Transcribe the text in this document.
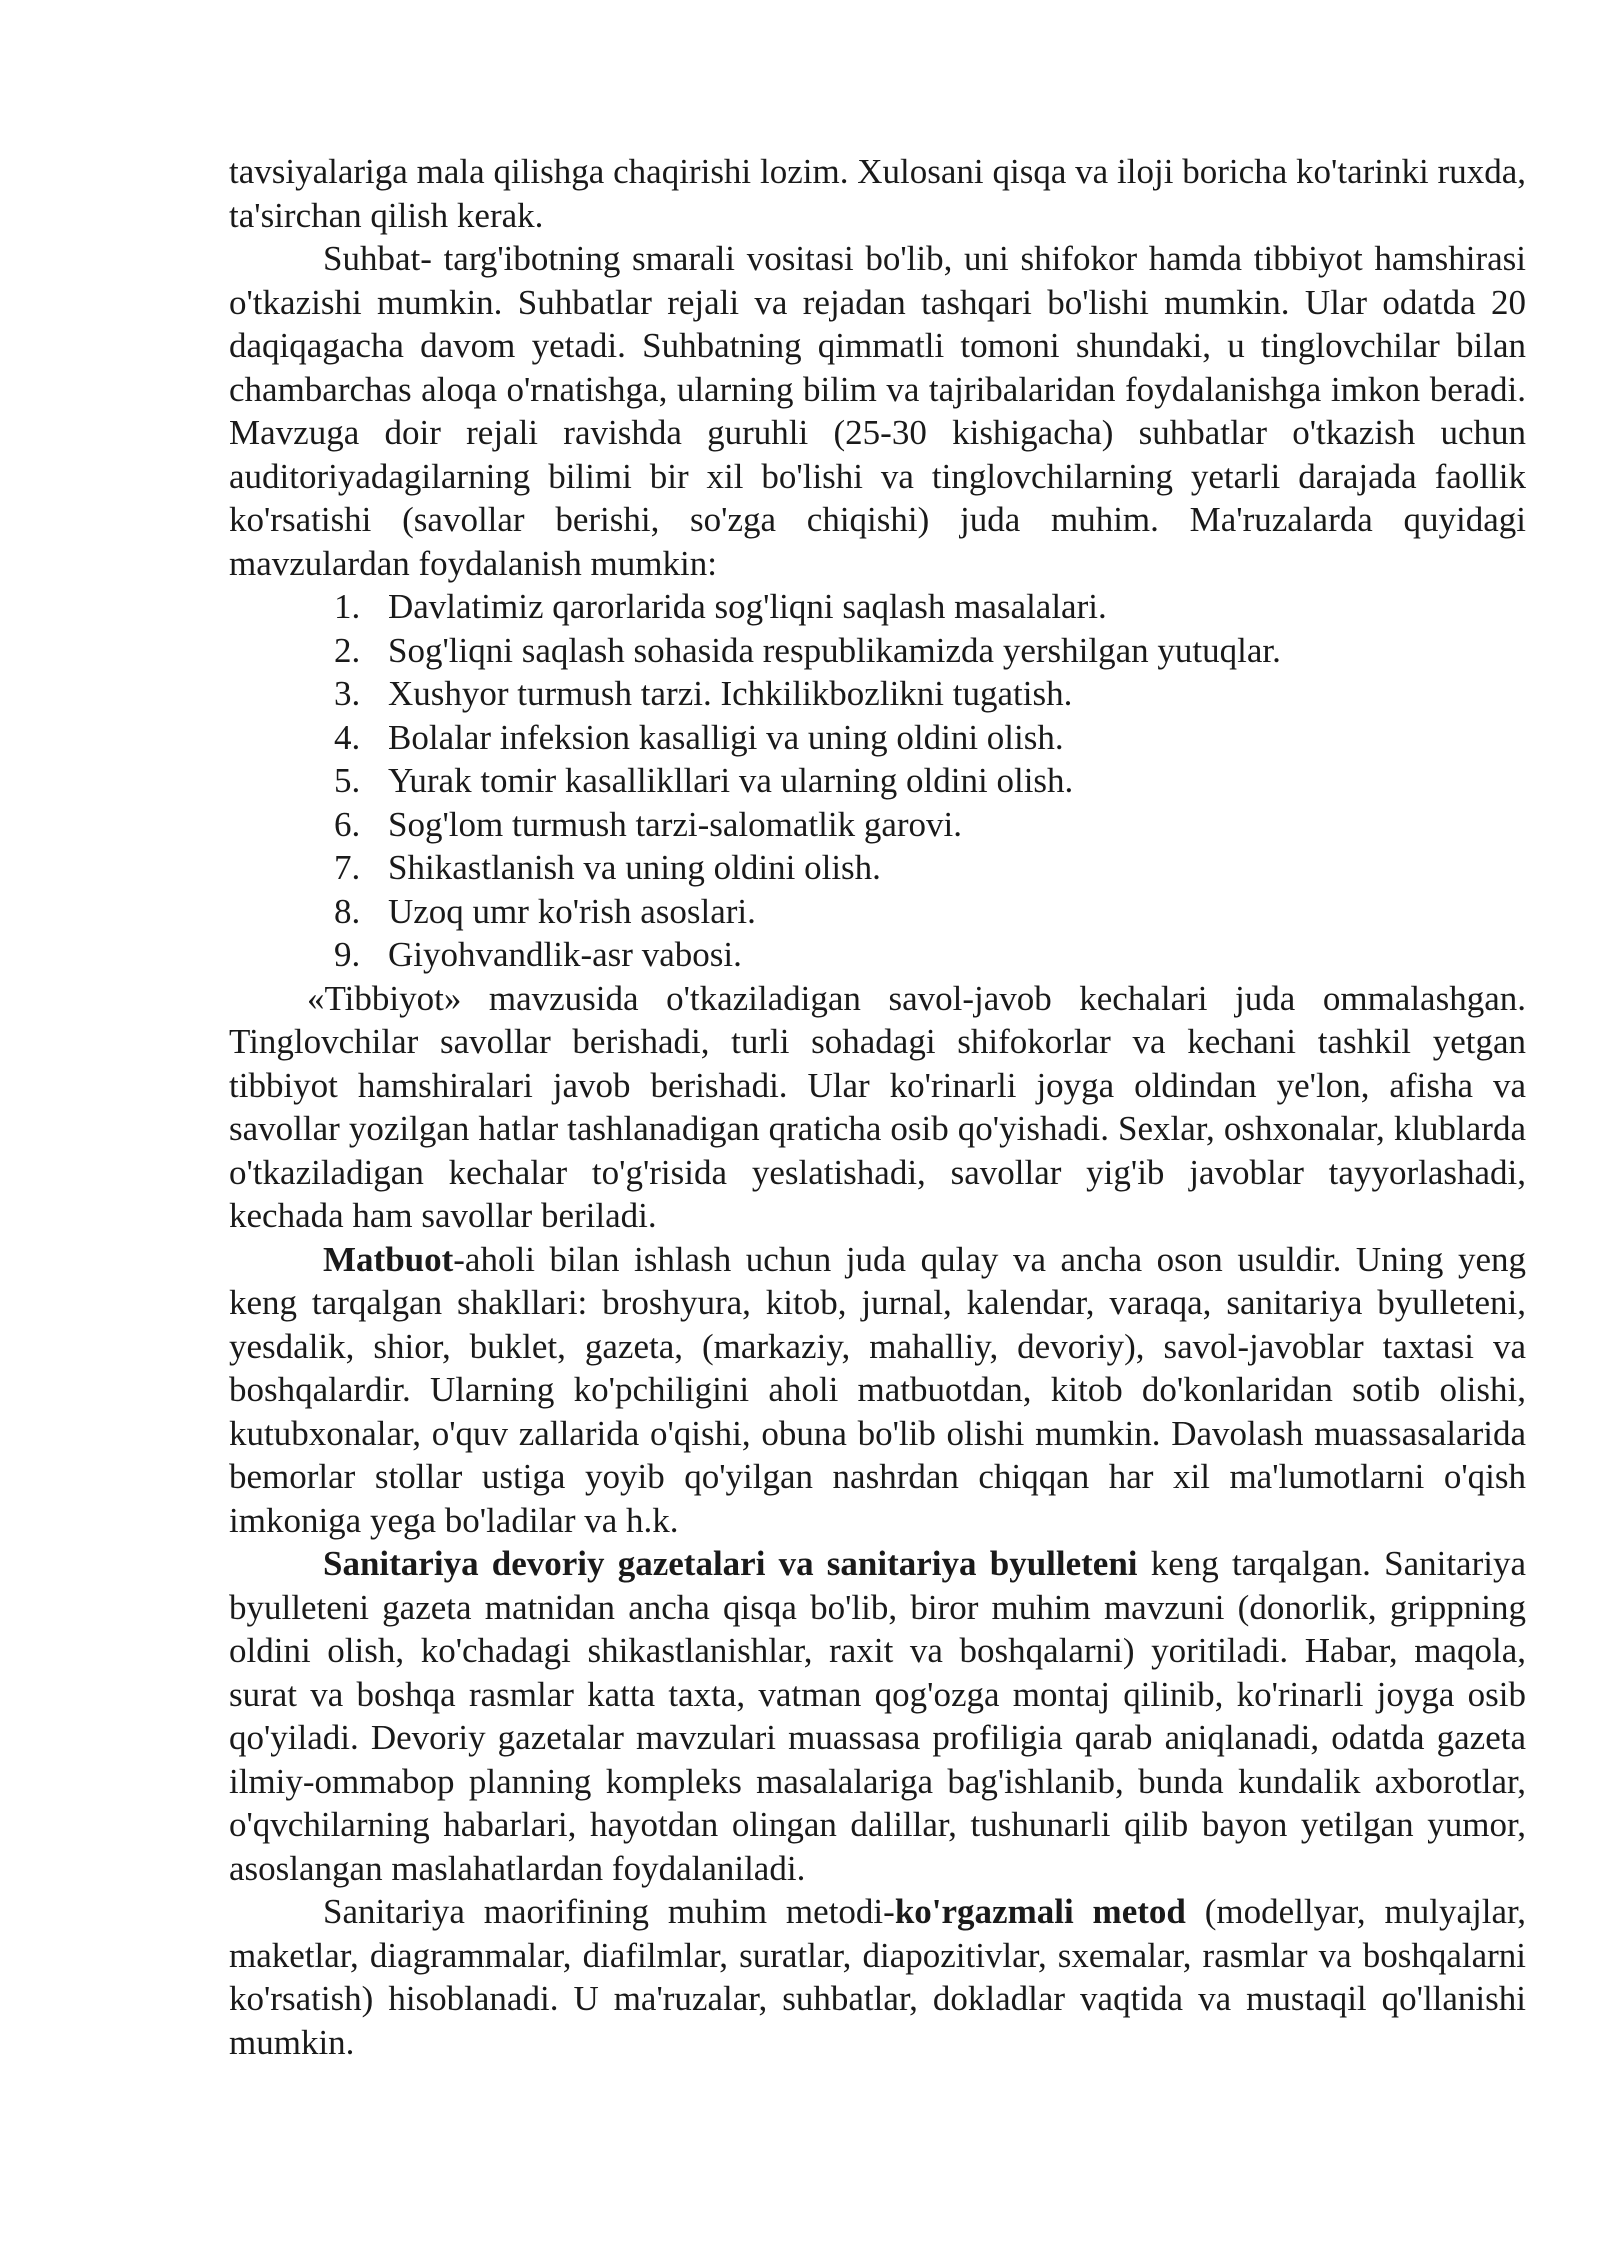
tavsiyalariga mala qilishga chaqirishi lozim. Xulosani qisqa va iloji boricha ko'tarinki ruxda, ta'sirchan qilish kerak.

Suhbat- targ'ibotning smarali vositasi bo'lib, uni shifokor hamda tibbiyot hamshirasi o'tkazishi mumkin. Suhbatlar rejali va rejadan tashqari bo'lishi mumkin. Ular odatda 20 daqiqagacha davom yetadi. Suhbatning qimmatli tomoni shundaki, u tinglovchilar bilan chambarchas aloqa o'rnatishga, ularning bilim va tajribalaridan foydalanishga imkon beradi. Mavzuga doir rejali ravishda guruhli (25-30 kishigacha) suhbatlar o'tkazish uchun auditoriyadagilarning bilimi bir xil bo'lishi va tinglovchilarning yetarli darajada faollik ko'rsatishi (savollar berishi, so'zga chiqishi) juda muhim. Ma'ruzalarda quyidagi mavzulardan foydalanish mumkin:

1. Davlatimiz qarorlarida sog'liqni saqlash masalalari.
2. Sog'liqni saqlash sohasida respublikamizda yershilgan yutuqlar.
3. Xushyor turmush tarzi. Ichkilikbozlikni tugatish.
4. Bolalar infeksion kasalligi va uning oldini olish.
5. Yurak tomir kasallikllari va ularning oldini olish.
6. Sog'lom turmush tarzi-salomatlik garovi.
7. Shikastlanish va uning oldini olish.
8. Uzoq umr ko'rish asoslari.
9. Giyohvandlik-asr vabosi.

«Tibbiyot» mavzusida o'tkaziladigan savol-javob kechalari juda ommalashgan. Tinglovchilar savollar berishadi, turli sohadagi shifokorlar va kechani tashkil yetgan tibbiyot hamshiralari javob berishadi. Ular ko'rinarli joyga oldindan ye'lon, afisha va savollar yozilgan hatlar tashlanadigan qraticha osib qo'yishadi. Sexlar, oshxonalar, klublarda o'tkaziladigan kechalar to'g'risida yeslatishadi, savollar yig'ib javoblar tayyorlashadi, kechada ham savollar beriladi.

Matbuot-aholi bilan ishlash uchun juda qulay va ancha oson usuldir. Uning yeng keng tarqalgan shakllari: broshyura, kitob, jurnal, kalendar, varaqa, sanitariya byulleteni, yesdalik, shior, buklet, gazeta, (markaziy, mahalliy, devoriy), savol-javoblar taxtasi va boshqalardir. Ularning ko'pchiligini aholi matbuotdan, kitob do'konlaridan sotib olishi, kutubxonalar, o'quv zallarida o'qishi, obuna bo'lib olishi mumkin. Davolash muassasalarida bemorlar stollar ustiga yoyib qo'yilgan nashrdan chiqqan har xil ma'lumotlarni o'qish imkoniga yega bo'ladilar va h.k.

Sanitariya devoriy gazetalari va sanitariya byulleteni keng tarqalgan. Sanitariya byulleteni gazeta matnidan ancha qisqa bo'lib, biror muhim mavzuni (donorlik, grippning oldini olish, ko'chadagi shikastlanishlar, raxit va boshqalarni) yoritiladi. Habar, maqola, surat va boshqa rasmlar katta taxta, vatman qog'ozga montaj qilinib, ko'rinarli joyga osib qo'yiladi. Devoriy gazetalar mavzulari muassasa profiligia qarab aniqlanadi, odatda gazeta ilmiy-ommabop planning kompleks masalalariga bag'ishlanib, bunda kundalik axborotlar, o'qvchilarning habarlari, hayotdan olingan dalillar, tushunarli qilib bayon yetilgan yumor, asoslangan maslahatlardan foydalaniladi.

Sanitariya maorifining muhim metodi-ko'rgazmali metod (modellyar, mulyajlar, maketlar, diagrammalar, diafilmlar, suratlar, diapozitivlar, sxemalar, rasmlar va boshqalarni ko'rsatish) hisoblanadi. U ma'ruzalar, suhbatlar, dokladlar vaqtida va mustaqil qo'llanishi mumkin.
